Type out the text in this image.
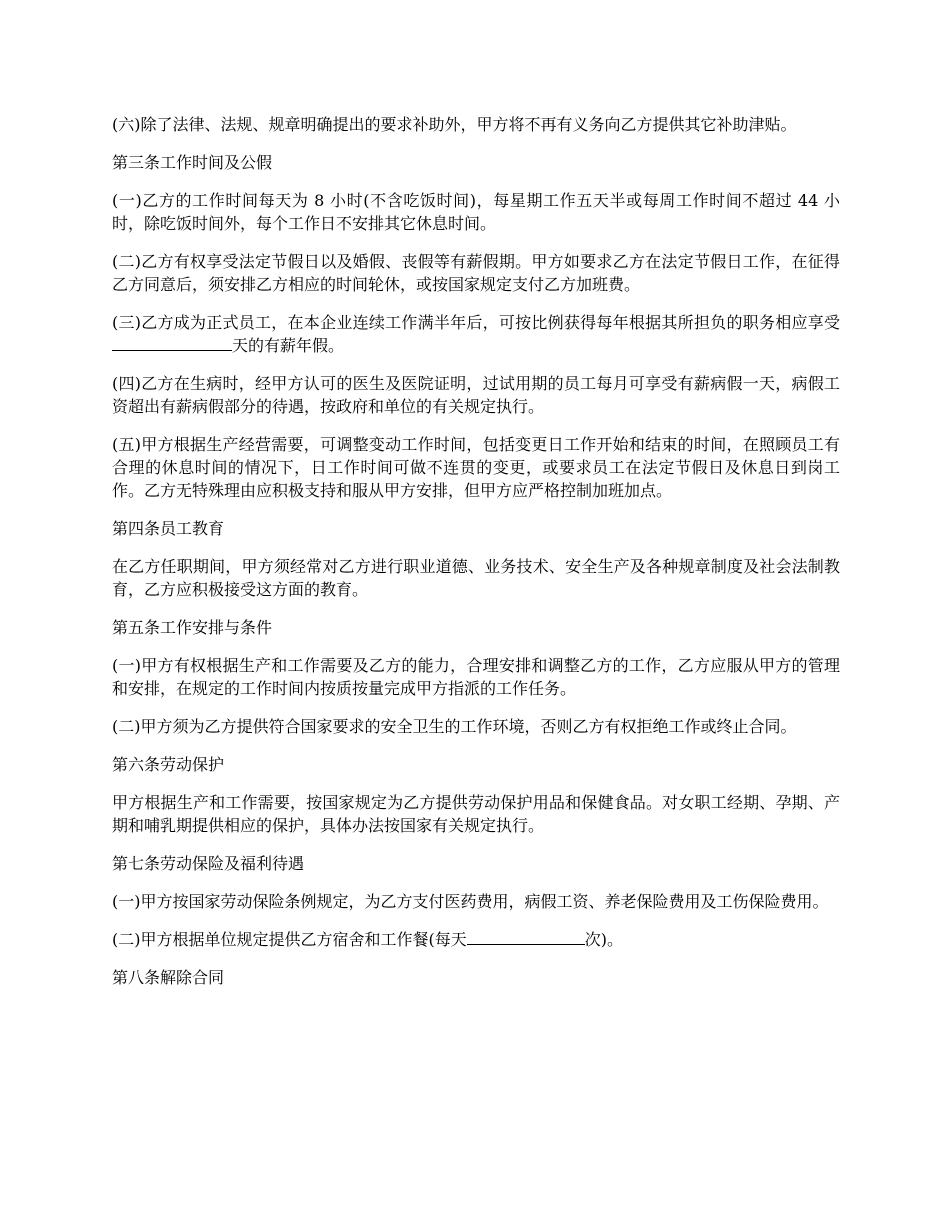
(六)除了法律、法规、规章明确提出的要求补助外，甲方将不再有义务向乙方提供其它补助津贴。

第三条工作时间及公假

(一)乙方的工作时间每天为 8 小时(不含吃饭时间)，每星期工作五天半或每周工作时间不超过 44 小时，除吃饭时间外，每个工作日不安排其它休息时间。

(二)乙方有权享受法定节假日以及婚假、丧假等有薪假期。甲方如要求乙方在法定节假日工作，在征得乙方同意后，须安排乙方相应的时间轮休，或按国家规定支付乙方加班费。

(三)乙方成为正式员工，在本企业连续工作满半年后，可按比例获得每年根据其所担负的职务相应享受天的有薪年假。

(四)乙方在生病时，经甲方认可的医生及医院证明，过试用期的员工每月可享受有薪病假一天，病假工资超出有薪病假部分的待遇，按政府和单位的有关规定执行。

(五)甲方根据生产经营需要，可调整变动工作时间，包括变更日工作开始和结束的时间，在照顾员工有合理的休息时间的情况下，日工作时间可做不连贯的变更，或要求员工在法定节假日及休息日到岗工作。乙方无特殊理由应积极支持和服从甲方安排，但甲方应严格控制加班加点。

第四条员工教育

在乙方任职期间，甲方须经常对乙方进行职业道德、业务技术、安全生产及各种规章制度及社会法制教育，乙方应积极接受这方面的教育。

第五条工作安排与条件

(一)甲方有权根据生产和工作需要及乙方的能力，合理安排和调整乙方的工作，乙方应服从甲方的管理和安排，在规定的工作时间内按质按量完成甲方指派的工作任务。

(二)甲方须为乙方提供符合国家要求的安全卫生的工作环境，否则乙方有权拒绝工作或终止合同。

第六条劳动保护

甲方根据生产和工作需要，按国家规定为乙方提供劳动保护用品和保健食品。对女职工经期、孕期、产期和哺乳期提供相应的保护，具体办法按国家有关规定执行。

第七条劳动保险及福利待遇

(一)甲方按国家劳动保险条例规定，为乙方支付医药费用，病假工资、养老保险费用及工伤保险费用。

(二)甲方根据单位规定提供乙方宿舍和工作餐(每天	次)。

第八条解除合同
